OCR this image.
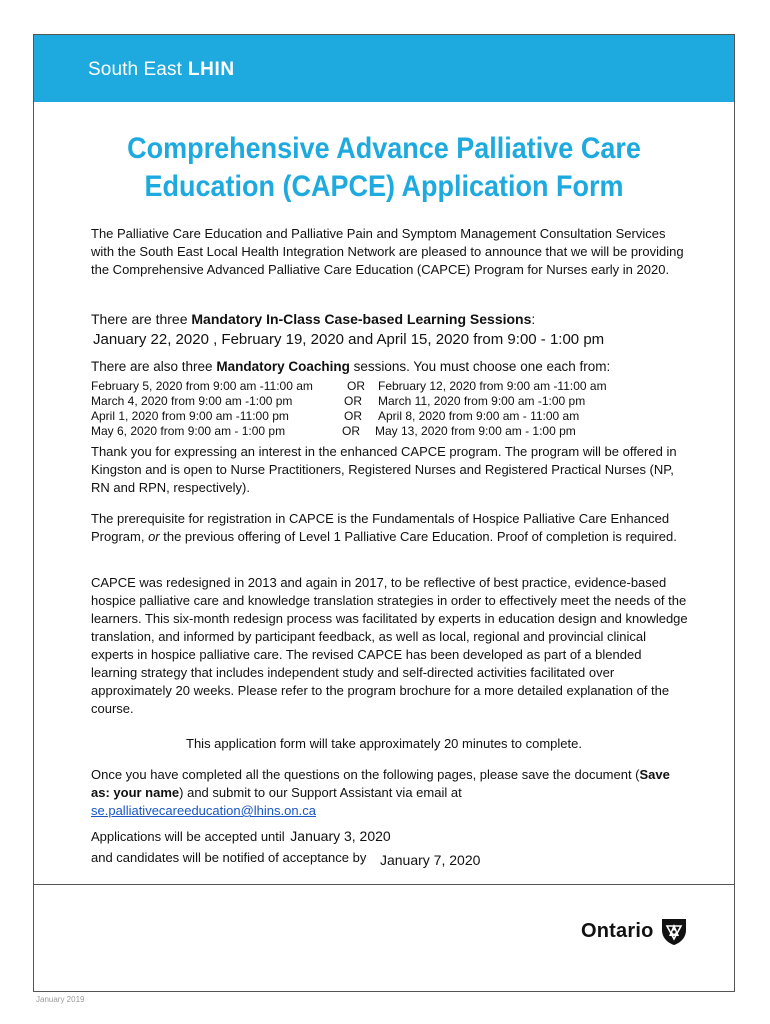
South East LHIN
Comprehensive Advance Palliative Care
Education (CAPCE) Application Form
The Palliative Care Education and Palliative Pain and Symptom Management Consultation Services with the South East Local Health Integration Network are pleased to announce that we will be providing the Comprehensive Advanced Palliative Care Education (CAPCE) Program for Nurses early in 2020.
There are three Mandatory In-Class Case-based Learning Sessions:
January 22, 2020 , February 19, 2020 and April 15, 2020 from 9:00 - 1:00 pm
There are also three Mandatory Coaching sessions. You must choose one each from:
February 5, 2020 from 9:00 am -11:00 am	OR February 12, 2020 from 9:00 am -11:00 am
March 4, 2020 from 9:00 am -1:00 pm	OR March 11, 2020 from 9:00 am -1:00 pm
April 1, 2020 from 9:00 am -11:00 pm	OR April 8, 2020 from 9:00 am - 11:00 am
May 6, 2020 from 9:00 am - 1:00 pm	OR May 13, 2020 from 9:00 am - 1:00 pm
Thank you for expressing an interest in the enhanced CAPCE program. The program will be offered in Kingston and is open to Nurse Practitioners, Registered Nurses and Registered Practical Nurses (NP, RN and RPN, respectively).
The prerequisite for registration in CAPCE is the Fundamentals of Hospice Palliative Care Enhanced Program, or the previous offering of Level 1 Palliative Care Education. Proof of completion is required.
CAPCE was redesigned in 2013 and again in 2017, to be reflective of best practice, evidence-based hospice palliative care and knowledge translation strategies in order to effectively meet the needs of the learners. This six-month redesign process was facilitated by experts in education design and knowledge translation, and informed by participant feedback, as well as local, regional and provincial clinical experts in hospice palliative care. The revised CAPCE has been developed as part of a blended learning strategy that includes independent study and self-directed activities facilitated over approximately 20 weeks. Please refer to the program brochure for a more detailed explanation of the course.
This application form will take approximately 20 minutes to complete.
Once you have completed all the questions on the following pages, please save the document (Save as: your name) and submit to our Support Assistant via email at
se.palliativecareeducation@lhins.on.ca
Applications will be accepted until January 3, 2020
and candidates will be notified of acceptance by January 7, 2020
Ontario
January 2019
